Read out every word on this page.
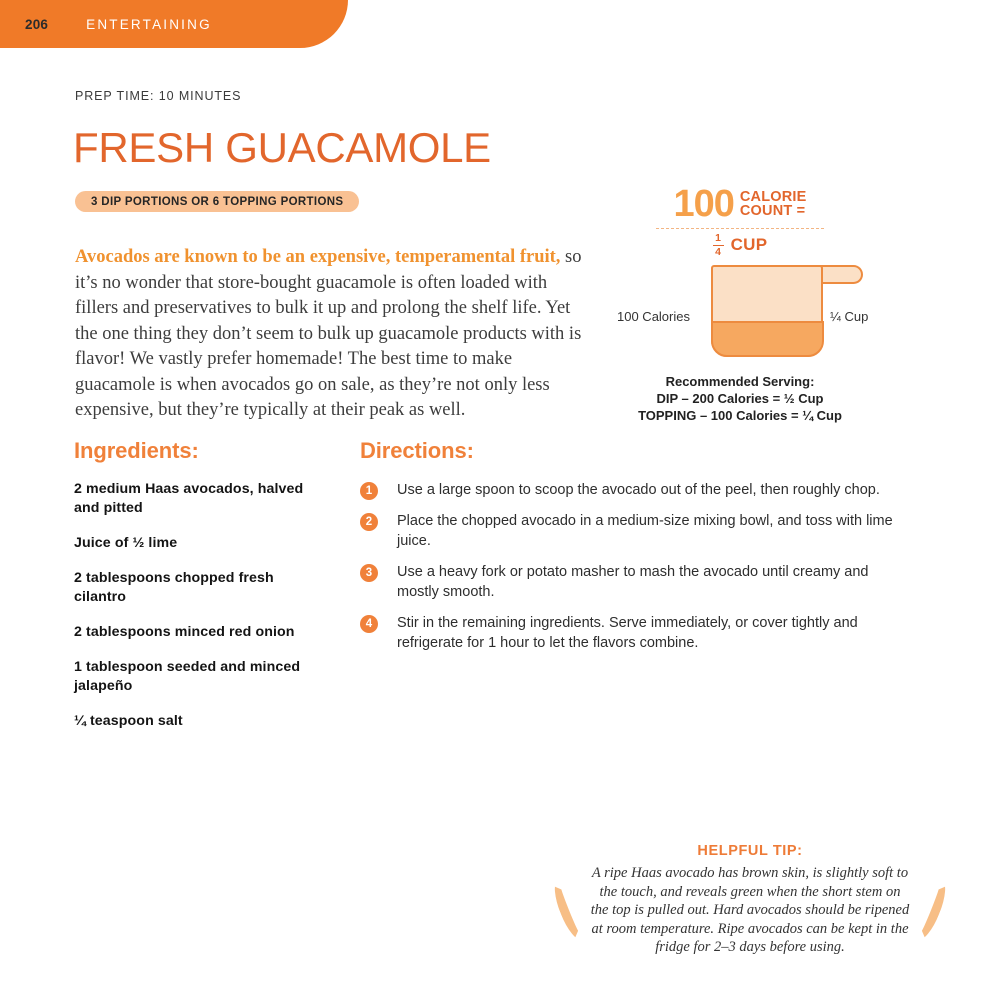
206	ENTERTAINING
PREP TIME: 10 MINUTES
FRESH GUACAMOLE
3 DIP PORTIONS OR 6 TOPPING PORTIONS

Avocados are known to be an expensive, temperamental fruit, so it’s no wonder that store-bought guacamole is often loaded with fillers and preservatives to bulk it up and prolong the shelf life. Yet the one thing they don’t seem to bulk up guacamole products with is flavor! We vastly prefer homemade! The best time to make guacamole is when avocados go on sale, as they’re not only less expensive, but they’re typically at their peak as well.

100 CALORIE
COUNT =
$\frac{1}{4}$ CUP
100 Calories	¼ Cup
Recommended Serving:
DIP – 200 Calories = ½ Cup
TOPPING – 100 Calories = ¼ Cup
Ingredients:
2 medium Haas avocados, halved and pitted
Juice of ½ lime
2 tablespoons chopped fresh cilantro
2 tablespoons minced red onion
1 tablespoon seeded and minced jalapeño
¼ teaspoon salt
Directions:
1	Use a large spoon to scoop the avocado out of the peel, then roughly chop.
2	Place the chopped avocado in a medium-size mixing bowl, and toss with lime juice.
3	Use a heavy fork or potato masher to mash the avocado until creamy and mostly smooth.
4	Stir in the remaining ingredients. Serve immediately, or cover tightly and refrigerate for 1 hour to let the flavors combine.
HELPFUL TIP:
A ripe Haas avocado has brown skin, is slightly soft to the touch, and reveals green when the short stem on the top is pulled out. Hard avocados should be ripened at room temperature. Ripe avocados can be kept in the fridge for 2–3 days before using.
